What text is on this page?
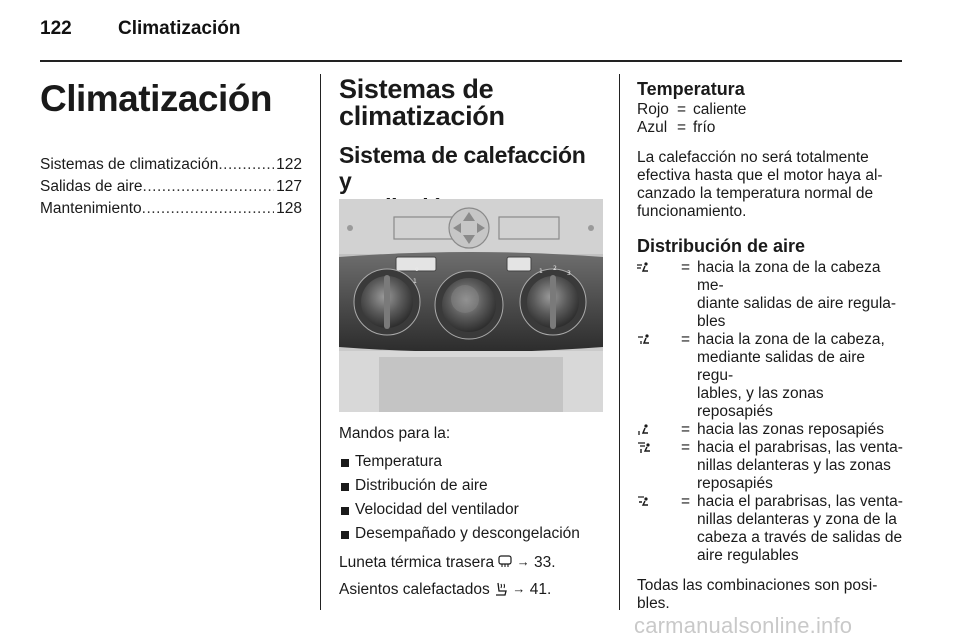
122 Climatización
Climatización
Sistemas de climatización .....	122
Salidas de aire .....	127
Mantenimiento .....	128
Sistemas de
climatización
Sistema de calefacción y
o
1
1 2
3

Mandos para la:

Temperatura
Distribución de aire
Velocidad del ventilador
Desempañado y descongelación

Luneta térmica trasera → 33.

Asientos calefactados → 41.

Temperatura
Rojo = caliente
Azul = frío

La calefacción no será totalmente
efectiva hasta que el motor haya al-
canzado la temperatura normal de
funcionamiento.

Distribución de aire
= hacia la zona de la cabeza me-
diante salidas de aire regula-
bles
= hacia la zona de la cabeza,
mediante salidas de aire regu-
lables, y las zonas reposapiés
= hacia las zonas reposapiés
= hacia el parabrisas, las venta-
nillas delanteras y las zonas
reposapiés
= hacia el parabrisas, las venta-
nillas delanteras y zona de la
cabeza a través de salidas de
aire regulables

Todas las combinaciones son posi-
bles.

carmanualsonline.info
